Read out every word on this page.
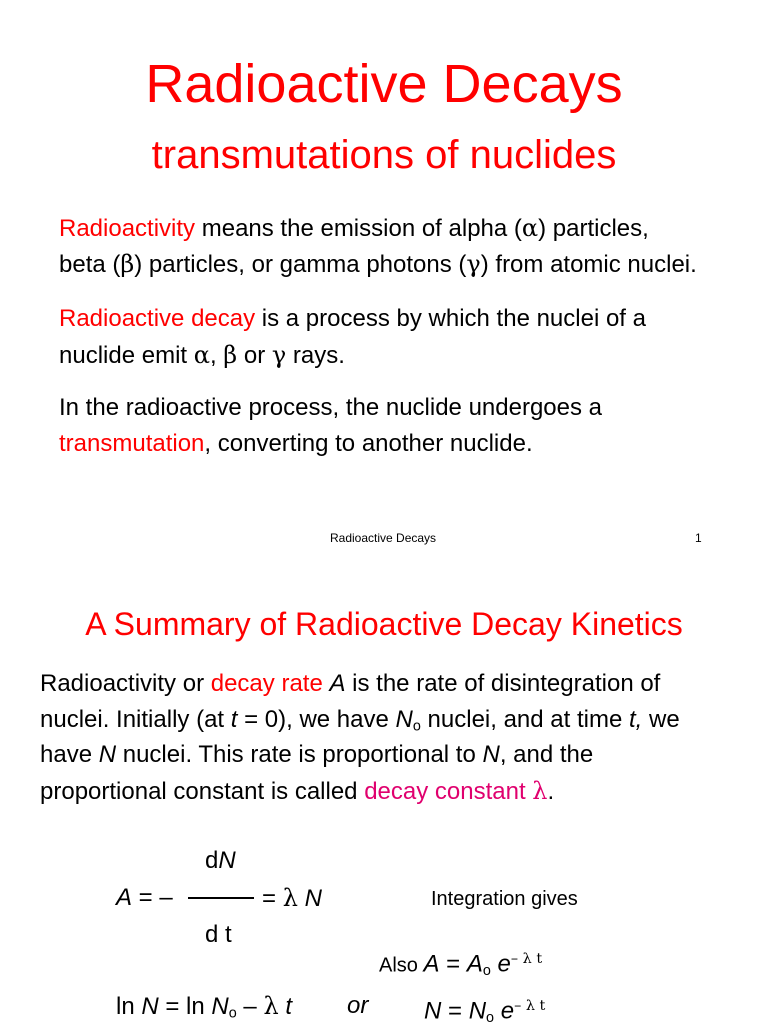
Radioactive Decays
transmutations of nuclides

Radioactivity means the emission of alpha (α) particles,

beta (β) particles, or gamma photons (γ) from atomic nuclei.

Radioactive decay is a process by which the nuclei of a

nuclide emit α, β or γ rays.

In the radioactive process, the nuclide undergoes a

transmutation, converting to another nuclide.

Radioactive Decays	1
A Summary of Radioactive Decay Kinetics

Radioactivity or decay rate A is the rate of disintegration of

nuclei. Initially (at t = 0), we have $N_o$ nuclei, and at time t, we

have N nuclei. This rate is proportional to N, and the

proportional constant is called decay constant λ.

dN
A = –	= λ N
d t
Integration gives
Also $A = A_o$ $e^{- \lambda t}$
$\ln N = \ln N_o - \lambda$ t or $N = N_o$ $e^{- \lambda t}$
